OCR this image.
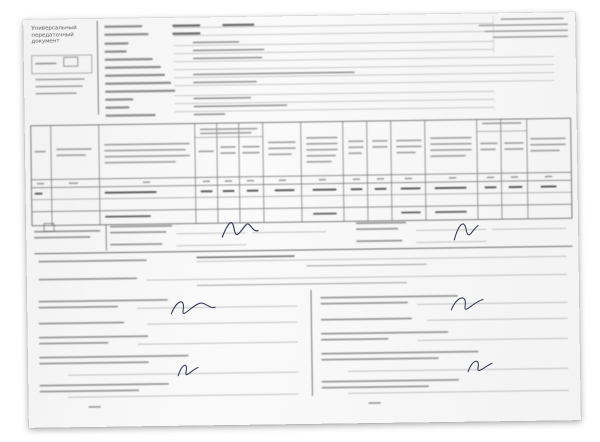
Универсальный
передаточный
документ
